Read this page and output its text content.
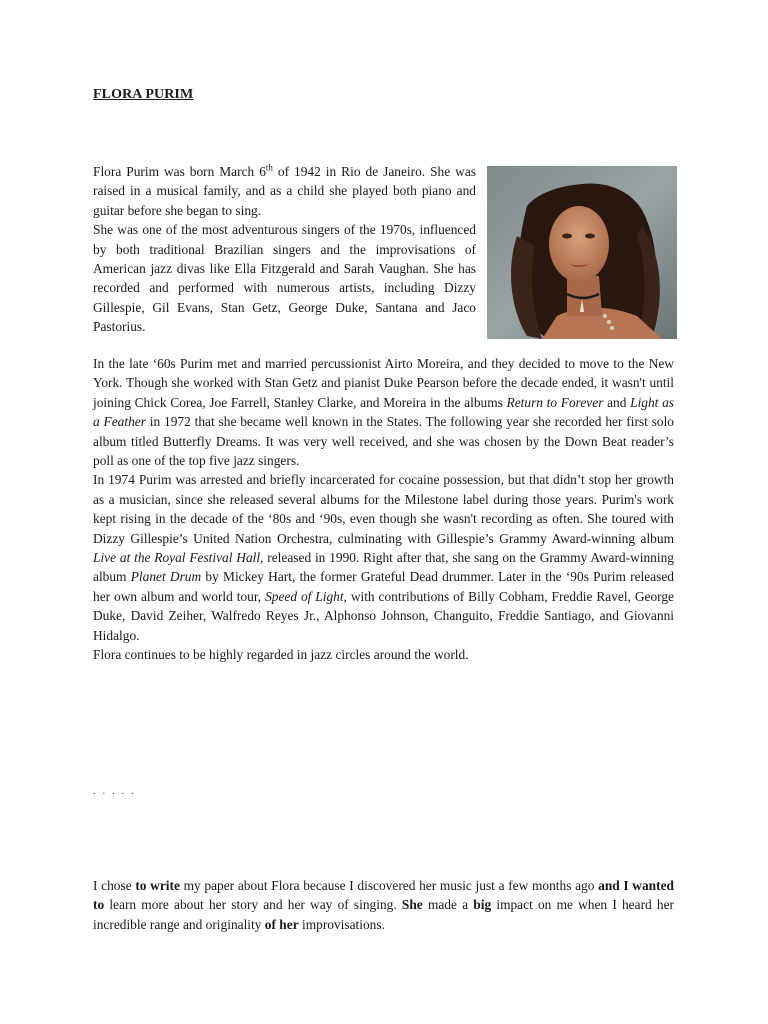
FLORA PURIM

Flora Purim was born March 6th of 1942 in Rio de Janeiro. She was raised in a musical family, and as a child she played both piano and guitar before she began to sing.

She was one of the most adventurous singers of the 1970s, influenced by both traditional Brazilian singers and the improvisations of American jazz divas like Ella Fitzgerald and Sarah Vaughan. She has recorded and performed with numerous artists, including Dizzy Gillespie, Gil Evans, Stan Getz, George Duke, Santana and Jaco Pastorius.

In the late ‘60s Purim met and married percussionist Airto Moreira, and they decided to move to the New York. Though she worked with Stan Getz and pianist Duke Pearson before the decade ended, it wasn't until joining Chick Corea, Joe Farrell, Stanley Clarke, and Moreira in the albums Return to Forever and Light as a Feather in 1972 that she became well known in the States. The following year she recorded her first solo album titled Butterfly Dreams. It was very well received, and she was chosen by the Down Beat reader’s poll as one of the top five jazz singers.

In 1974 Purim was arrested and briefly incarcerated for cocaine possession, but that didn’t stop her growth as a musician, since she released several albums for the Milestone label during those years. Purim's work kept rising in the decade of the ‘80s and ‘90s, even though she wasn't recording as often. She toured with Dizzy Gillespie’s United Nation Orchestra, culminating with Gillespie’s Grammy Award-winning album Live at the Royal Festival Hall, released in 1990. Right after that, she sang on the Grammy Award-winning album Planet Drum by Mickey Hart, the former Grateful Dead drummer. Later in the ‘90s Purim released her own album and world tour, Speed of Light, with contributions of Billy Cobham, Freddie Ravel, George Duke, David Zeiher, Walfredo Reyes Jr., Alphonso Johnson, Changuito, Freddie Santiago, and Giovanni Hidalgo.

Flora continues to be highly regarded in jazz circles around the world.

. . . . .

I chose to write my paper about Flora because I discovered her music just a few months ago and I wanted to learn more about her story and her way of singing. She made a big impact on me when I heard her incredible range and originality of her improvisations.
